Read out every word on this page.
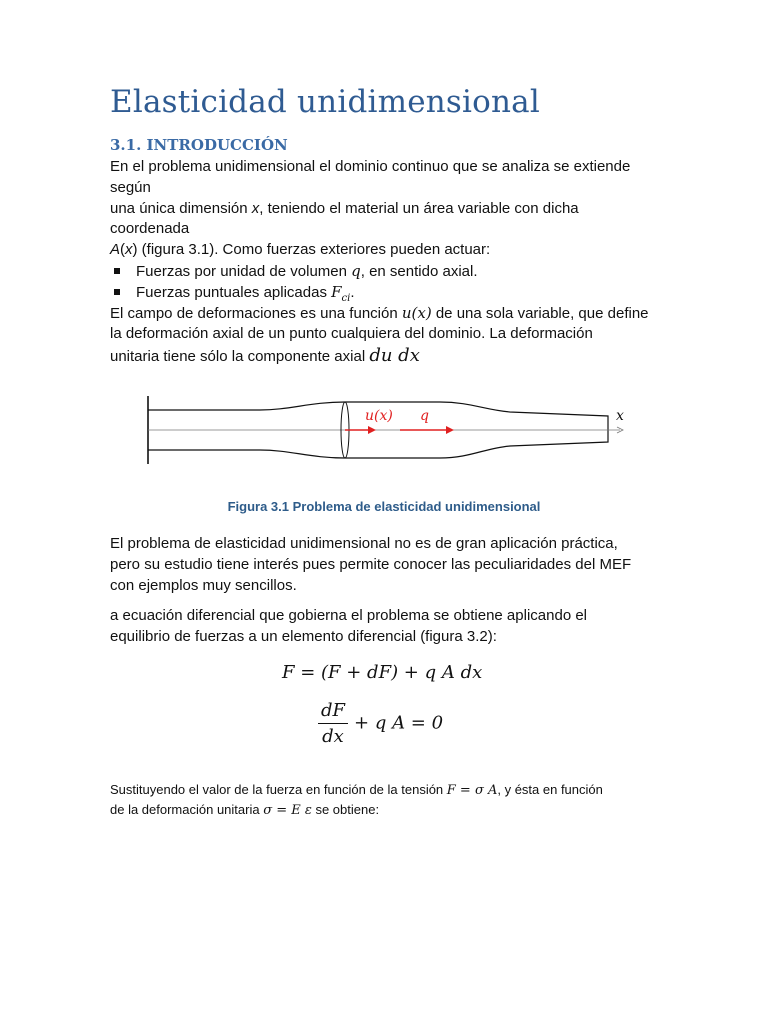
Elasticidad unidimensional
3.1. INTRODUCCIÓN
En el problema unidimensional el dominio continuo que se analiza se extiende
según
una única dimensión x, teniendo el material un área variable con dicha
coordenada
A(x) (figura 3.1). Como fuerzas exteriores pueden actuar:
Fuerzas por unidad de volumen q, en sentido axial.
Fuerzas puntuales aplicadas $F_{ci}$.
El campo de deformaciones es una función u(x) de una sola variable, que define
la deformación axial de un punto cualquiera del dominio. La deformación
unitaria tiene sólo la componente axial du dx
u(x) q	x
Figura 3.1 Problema de elasticidad unidimensional
El problema de elasticidad unidimensional no es de gran aplicación práctica,
pero su estudio tiene interés pues permite conocer las peculiaridades del MEF
con ejemplos muy sencillos.
a ecuación diferencial que gobierna el problema se obtiene aplicando el
equilibrio de fuerzas a un elemento diferencial (figura 3.2):
F = (F + dF) + q A dx
$\frac{dF}{dx} + q$ A = 0
Sustituyendo el valor de la fuerza en función de la tensión F = σ A, y ésta en función
de la deformación unitaria σ = E ε se obtiene:
